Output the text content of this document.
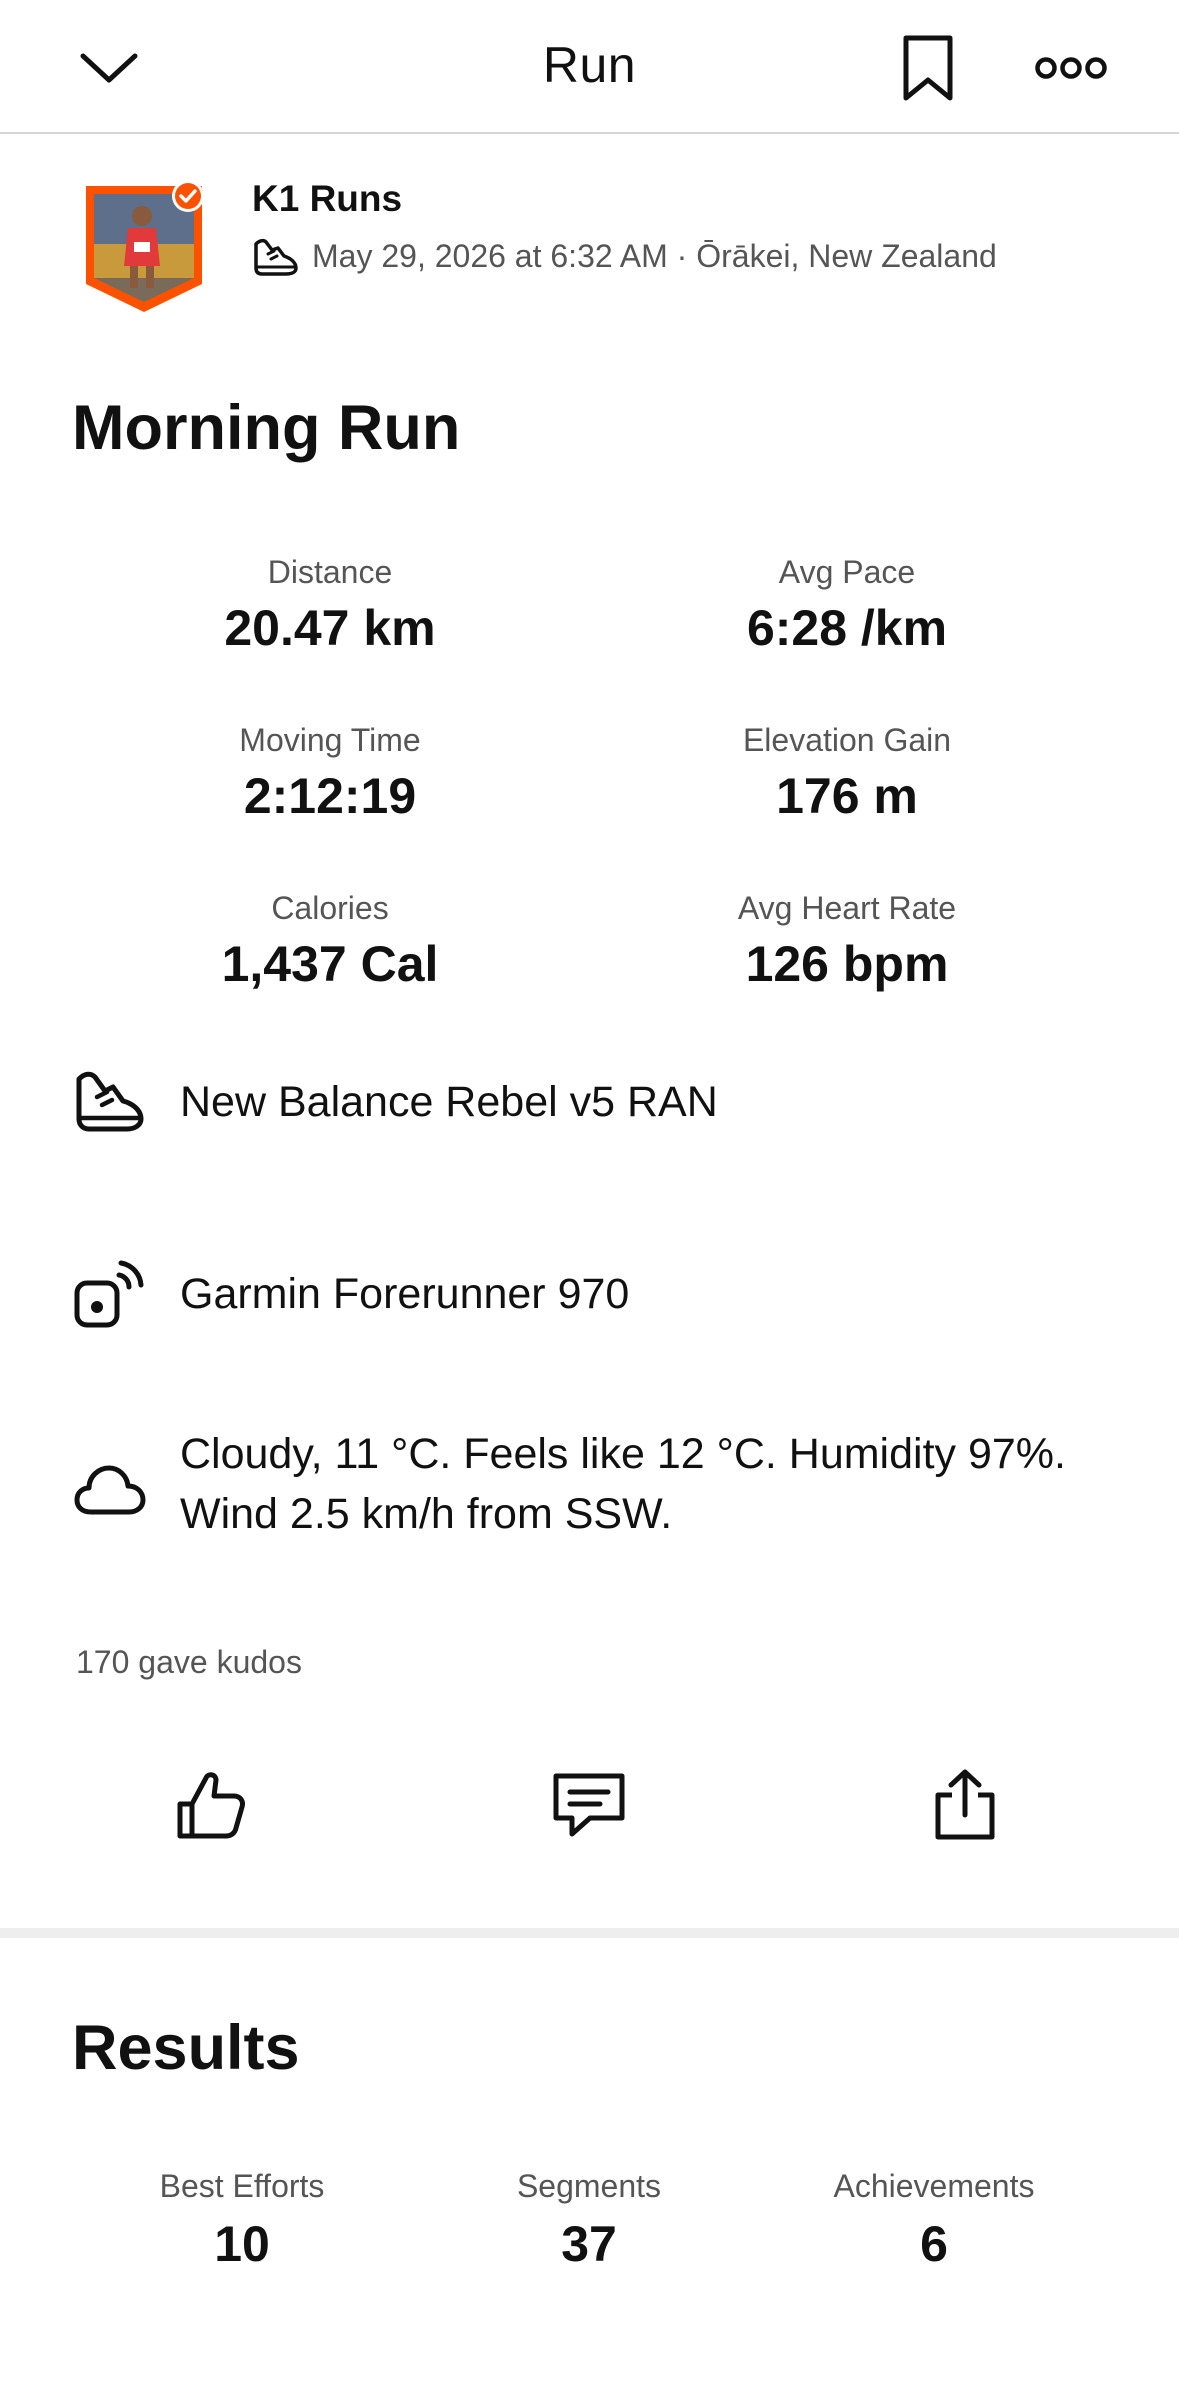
Run
K1 Runs
May 29, 2026 at 6:32 AM · Ōrākei, New Zealand
Morning Run
Distance
20.47 km
Avg Pace
6:28 /km
Moving Time
2:12:19
Elevation Gain
176 m
Calories
1,437 Cal
Avg Heart Rate
126 bpm
New Balance Rebel v5 RAN
Garmin Forerunner 970
Cloudy, 11 °C. Feels like 12 °C. Humidity 97%.
Wind 2.5 km/h from SSW.
170 gave kudos
Results
Best Efforts
10
Segments
37
Achievements
6
